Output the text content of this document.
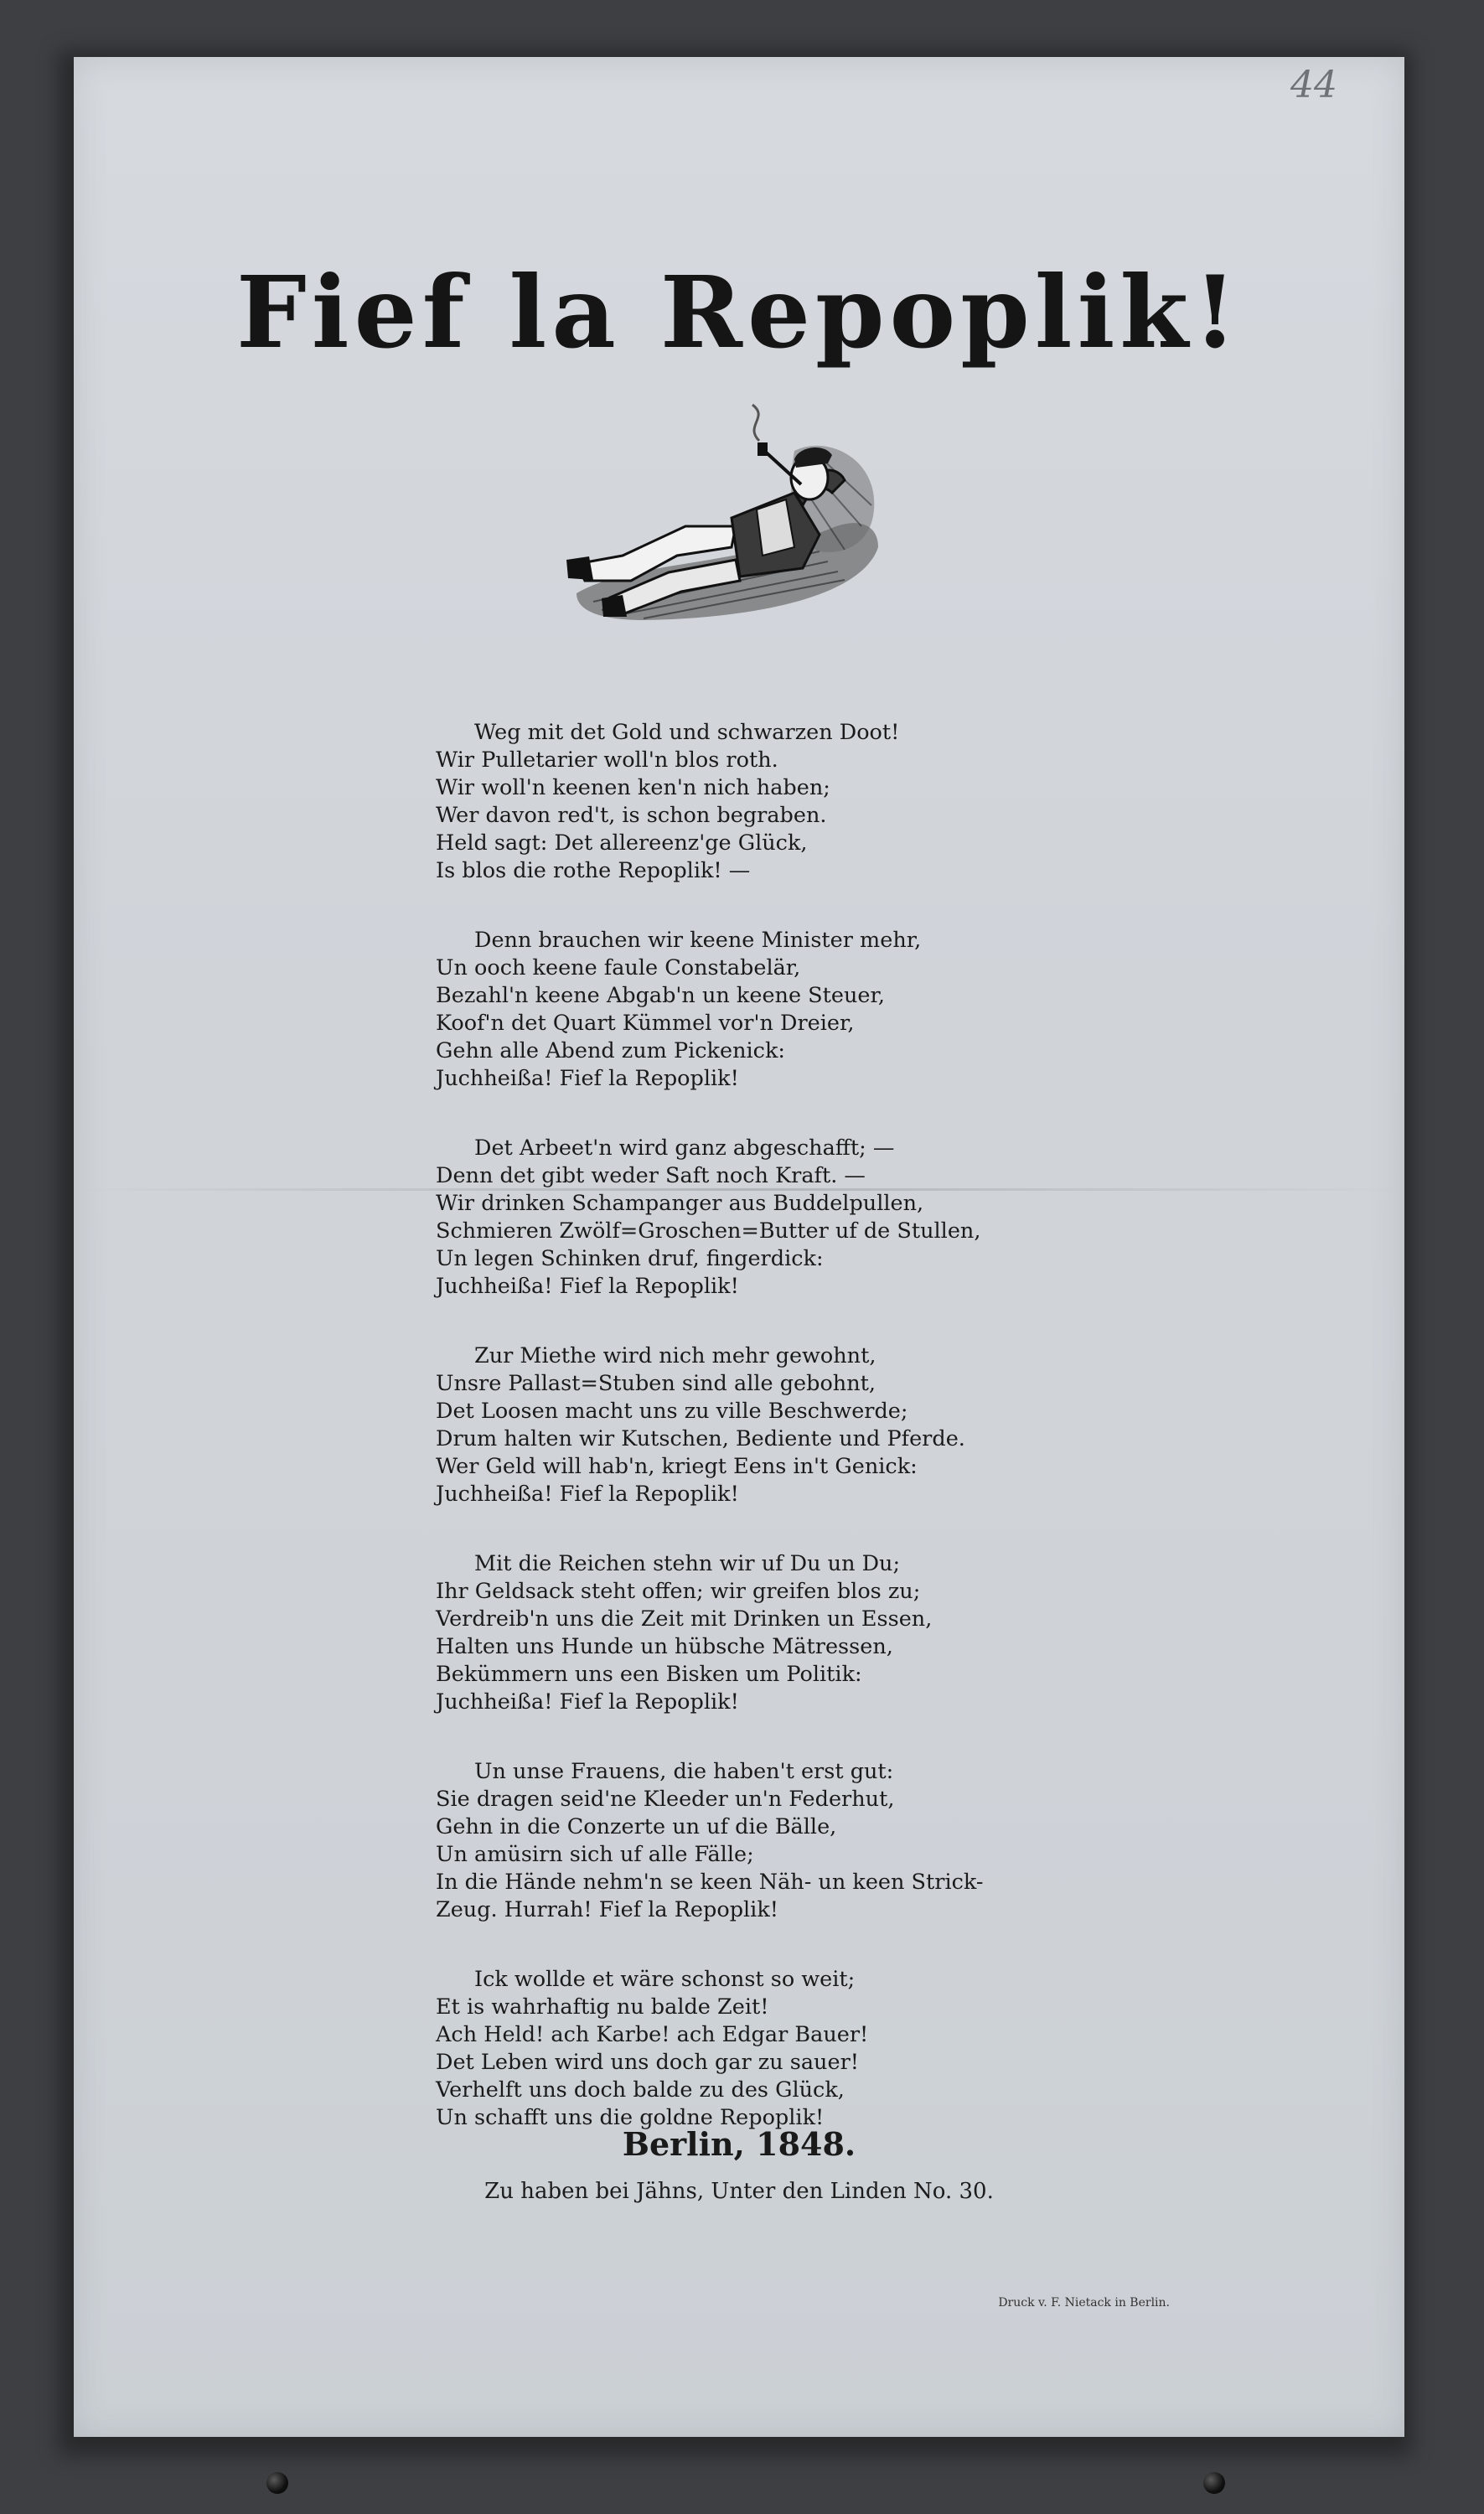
44
Fief la Repoplik!
Weg mit det Gold und schwarzen Doot!
Wir Pulletarier woll'n blos roth.
Wir woll'n keenen ken'n nich haben;
Wer davon red't, is schon begraben.
Held sagt: Det allereenz'ge Glück,
Is blos die rothe Repoplik! —
Denn brauchen wir keene Minister mehr,
Un ooch keene faule Constabelär,
Bezahl'n keene Abgab'n un keene Steuer,
Koof'n det Quart Kümmel vor'n Dreier,
Gehn alle Abend zum Pickenick:
Juchheißa! Fief la Repoplik!
Det Arbeet'n wird ganz abgeschafft; —
Denn det gibt weder Saft noch Kraft. —
Wir drinken Schampanger aus Buddelpullen,
Schmieren Zwölf=Groschen=Butter uf de Stullen,
Un legen Schinken druf, fingerdick:
Juchheißa! Fief la Repoplik!
Zur Miethe wird nich mehr gewohnt,
Unsre Pallast=Stuben sind alle gebohnt,
Det Loosen macht uns zu ville Beschwerde;
Drum halten wir Kutschen, Bediente und Pferde.
Wer Geld will hab'n, kriegt Eens in't Genick:
Juchheißa! Fief la Repoplik!
Mit die Reichen stehn wir uf Du un Du;
Ihr Geldsack steht offen; wir greifen blos zu;
Verdreib'n uns die Zeit mit Drinken un Essen,
Halten uns Hunde un hübsche Mätressen,
Bekümmern uns een Bisken um Politik:
Juchheißa! Fief la Repoplik!
Un unse Frauens, die haben't erst gut:
Sie dragen seid'ne Kleeder un'n Federhut,
Gehn in die Conzerte un uf die Bälle,
Un amüsirn sich uf alle Fälle;
In die Hände nehm'n se keen Näh- un keen Strick-
Zeug. Hurrah! Fief la Repoplik!
Ick wollde et wäre schonst so weit;
Et is wahrhaftig nu balde Zeit!
Ach Held! ach Karbe! ach Edgar Bauer!
Det Leben wird uns doch gar zu sauer!
Verhelft uns doch balde zu des Glück,
Un schafft uns die goldne Repoplik!
Berlin, 1848.
Zu haben bei Jähns, Unter den Linden No. 30.
Druck v. F. Nietack in Berlin.
